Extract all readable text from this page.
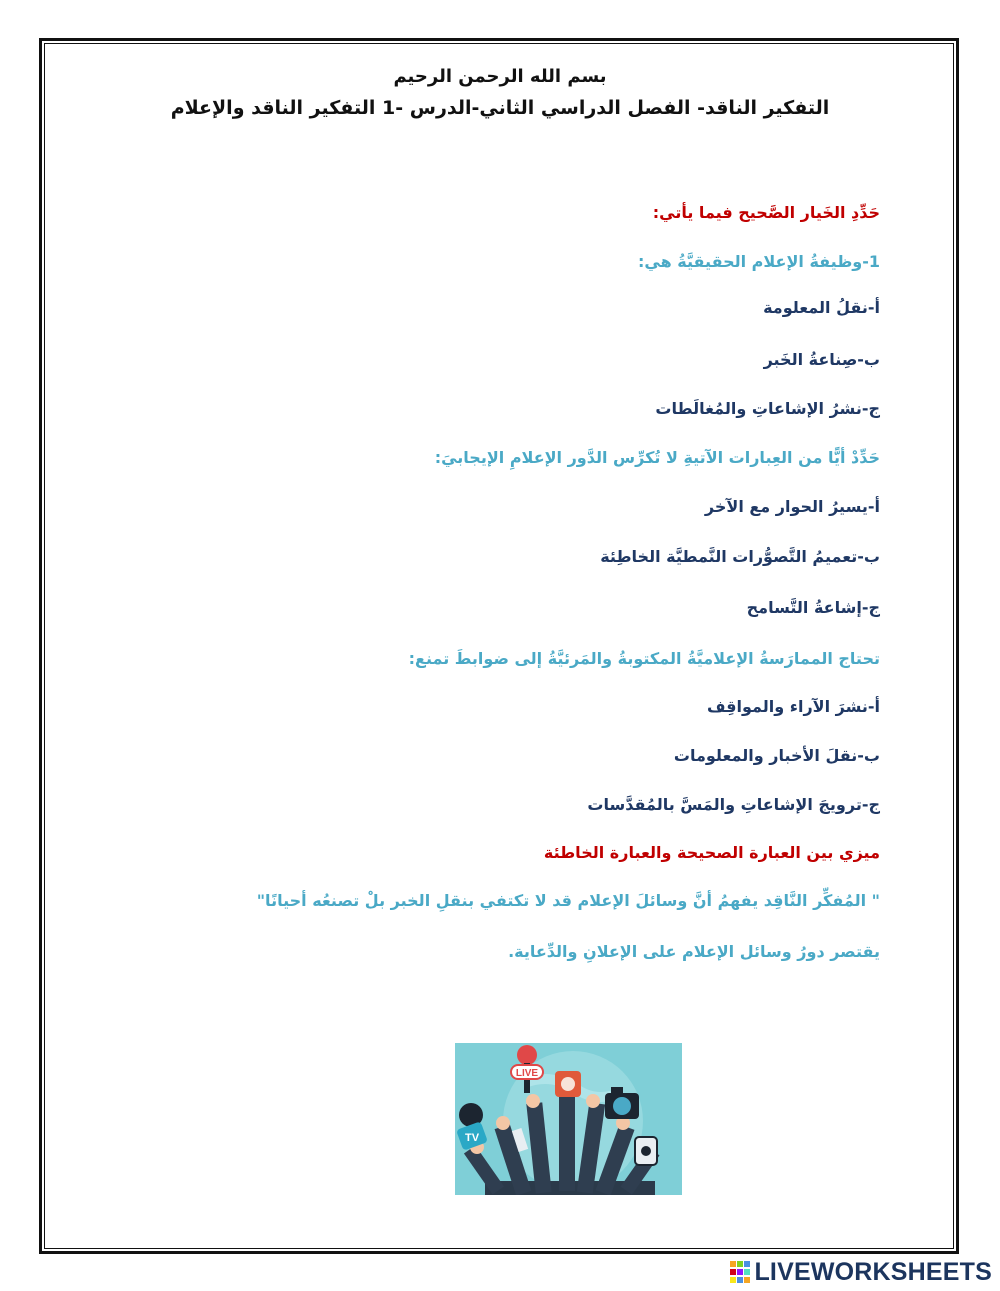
بسم الله الرحمن الرحيم
التفكير الناقد- الفصل الدراسي الثاني-الدرس -1 التفكير الناقد والإعلام
حَدِّدِ الخَيار الصَّحيح فيما يأتي:
1-وظيفةُ الإعلام الحقيقيَّةُ هي:
أ-نقلُ المعلومة
ب-صِناعةُ الخَبر
ج-نشرُ الإشاعاتِ والمُغالَطات
حَدِّدْ أيًّا من العِبارات الآتيةِ لا تُكرِّس الدَّور الإعلامِ الإيجابيَ:
أ-يسيرُ الحوار مع الآخر
ب-تعميمُ التَّصوُّرات النَّمطيَّة الخاطِئة
ج-إشاعةُ التَّسامح
تحتاج الممارَسةُ الإعلاميَّةُ المكتوبةُ والمَرئيَّةُ إلى ضوابطَ تمنع:
أ-نشرَ الآراء والمواقِف
ب-نقلَ الأخبار والمعلومات
ج-ترويجَ الإشاعاتِ والمَسَّ بالمُقدَّسات
ميزي بين العبارة الصحيحة والعبارة الخاطئة
" المُفكِّر النَّاقِد يفهمُ أنَّ وسائلَ الإعلام قد لا تكتفي بنقلِ الخبر بلْ تصنعُه أحيانًا"
يقتصر دورُ وسائل الإعلام على الإعلانِ والدِّعاية.
LIVE
TV
LIVEWORKSHEETS
